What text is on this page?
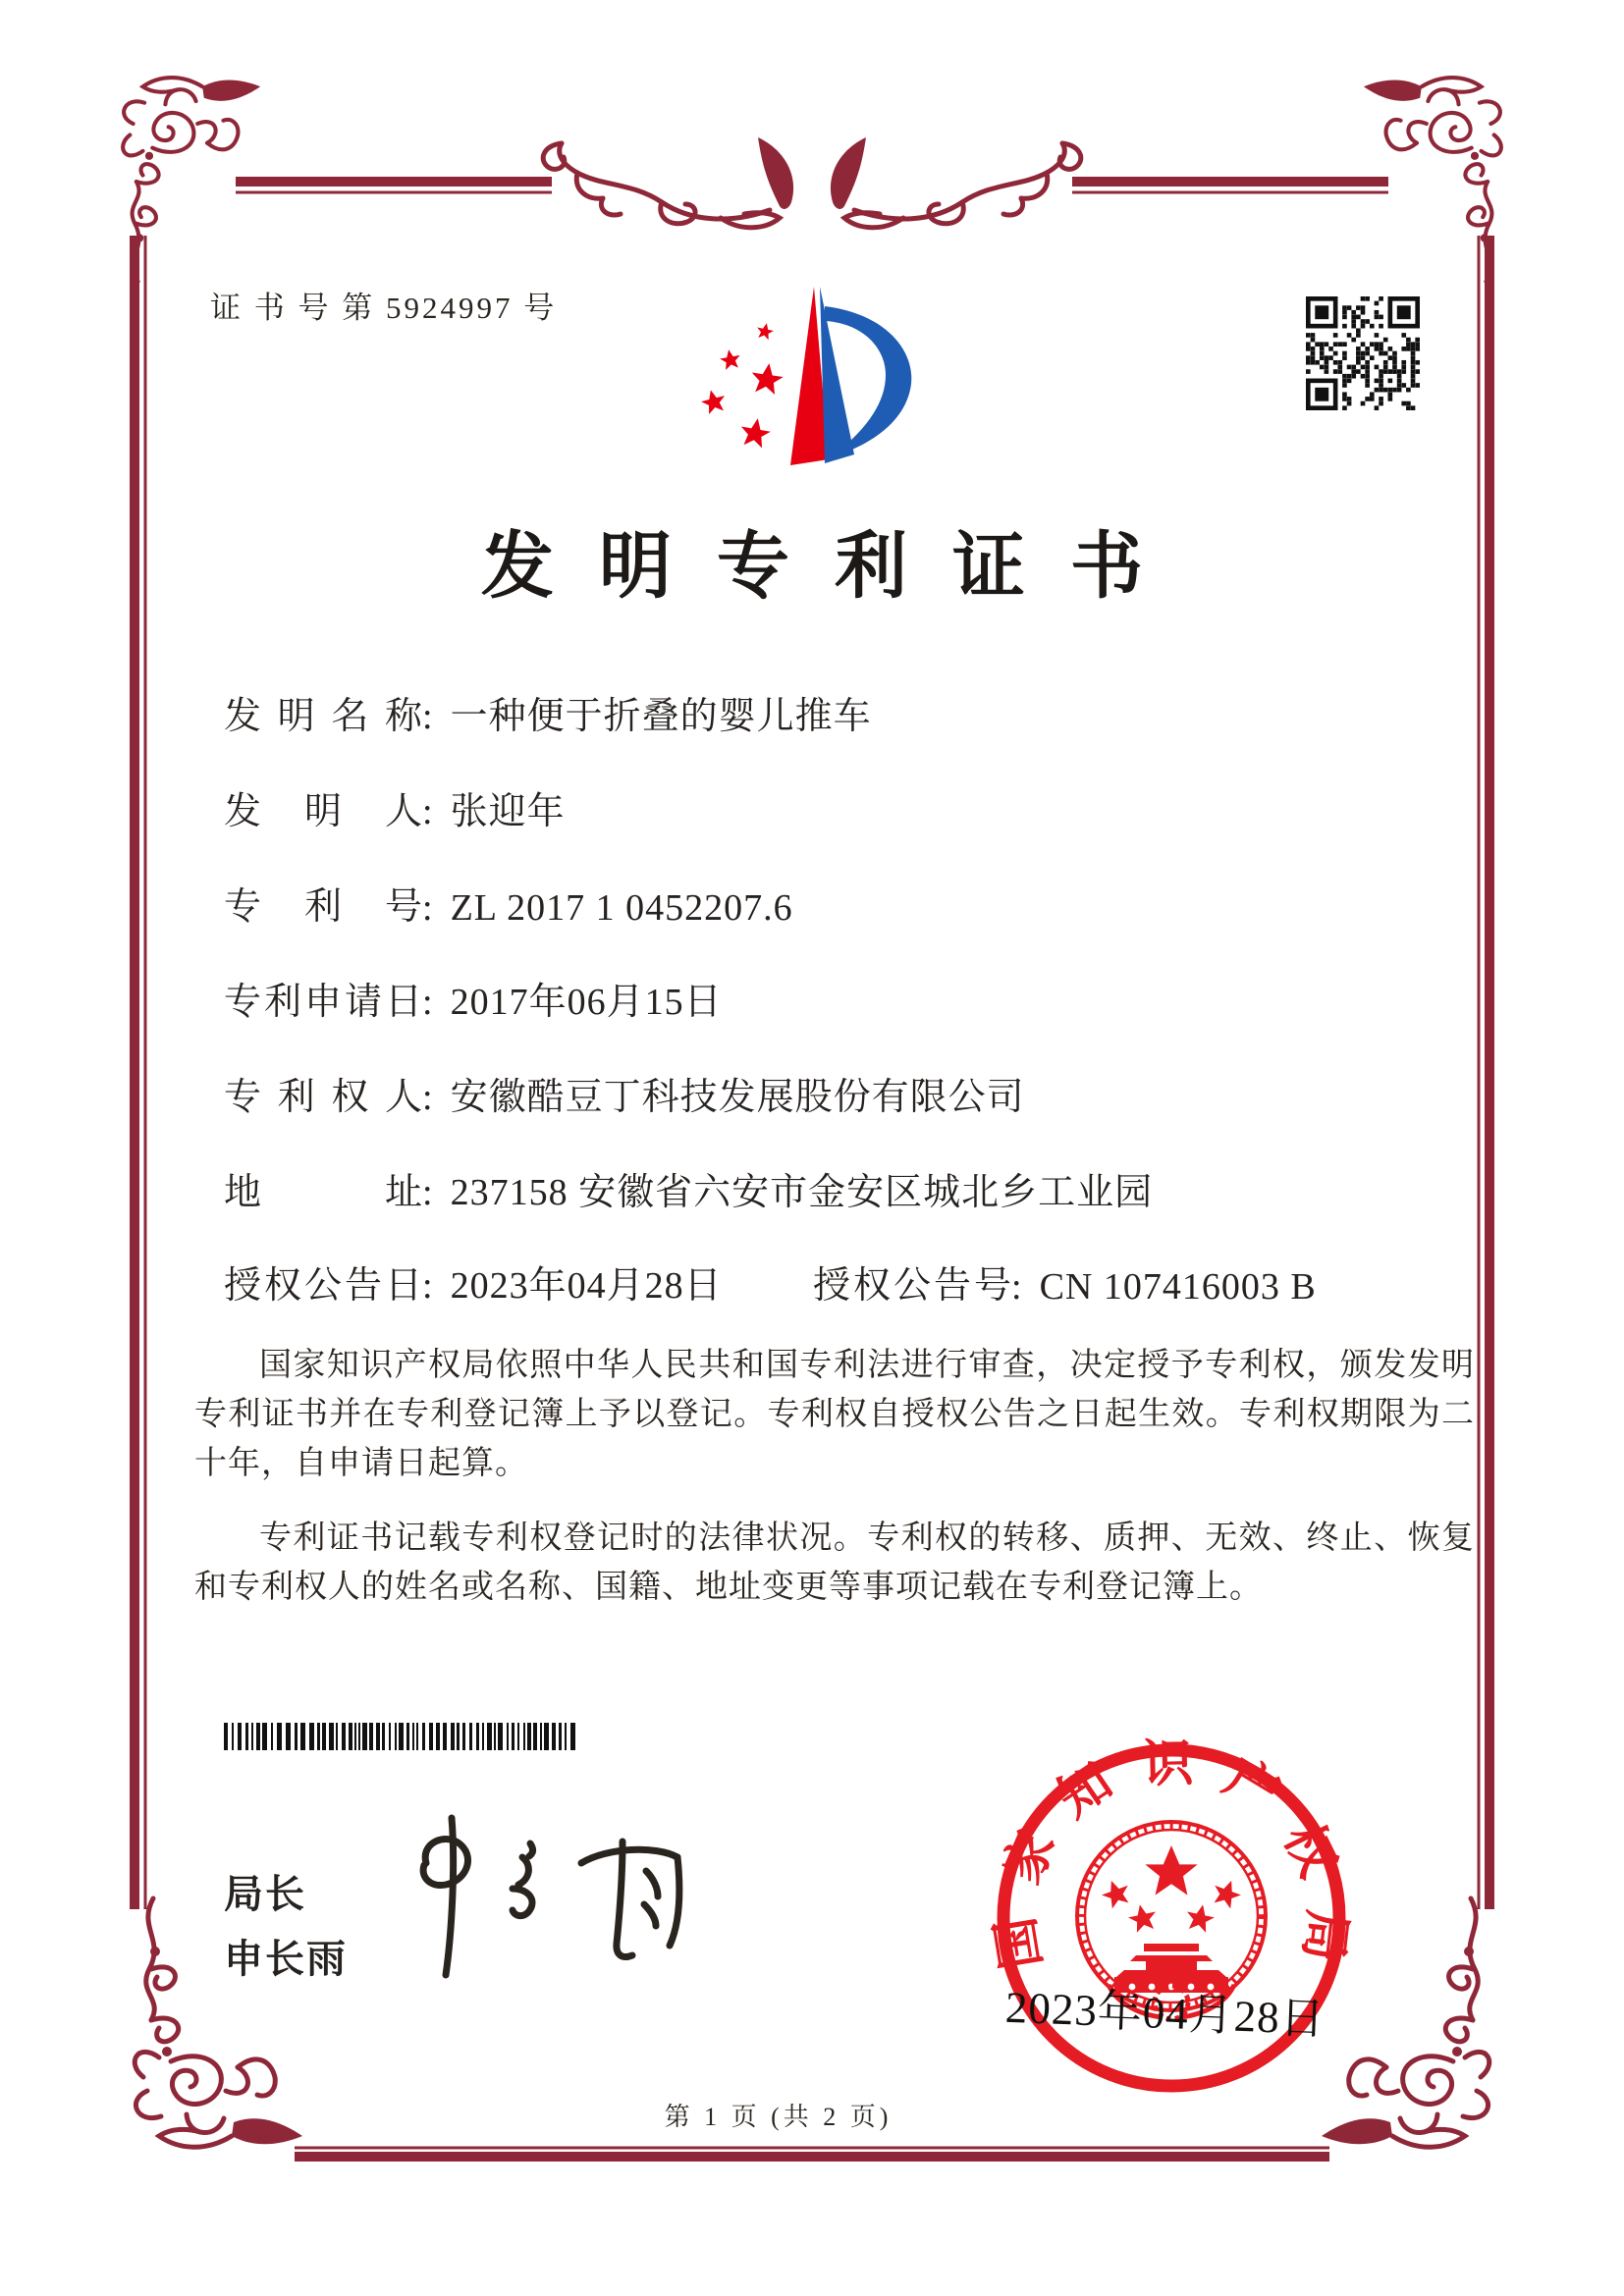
证 书 号 第 5924997 号
发明专利证书
发明名称: 一种便于折叠的婴儿推车
发明人: 张迎年
专利号: ZL 2017 1 0452207.6
专利申请日: 2017年06月15日
专利权人: 安徽酷豆丁科技发展股份有限公司
地址: 237158 安徽省六安市金安区城北乡工业园
授权公告日: 2023年04月28日 授权公告号: CN 107416003 B

国家知识产权局依照中华人民共和国专利法进行审查，决定授予专利权，颁发发明专利证书并在专利登记簿上予以登记。专利权自授权公告之日起生效。专利权期限为二十年，自申请日起算。

专利证书记载专利权登记时的法律状况。专利权的转移、质押、无效、终止、恢复和专利权人的姓名或名称、国籍、地址变更等事项记载在专利登记簿上。

局长
申长雨	国家知识产权局
2023年04月28日
第 1 页 (共 2 页)
